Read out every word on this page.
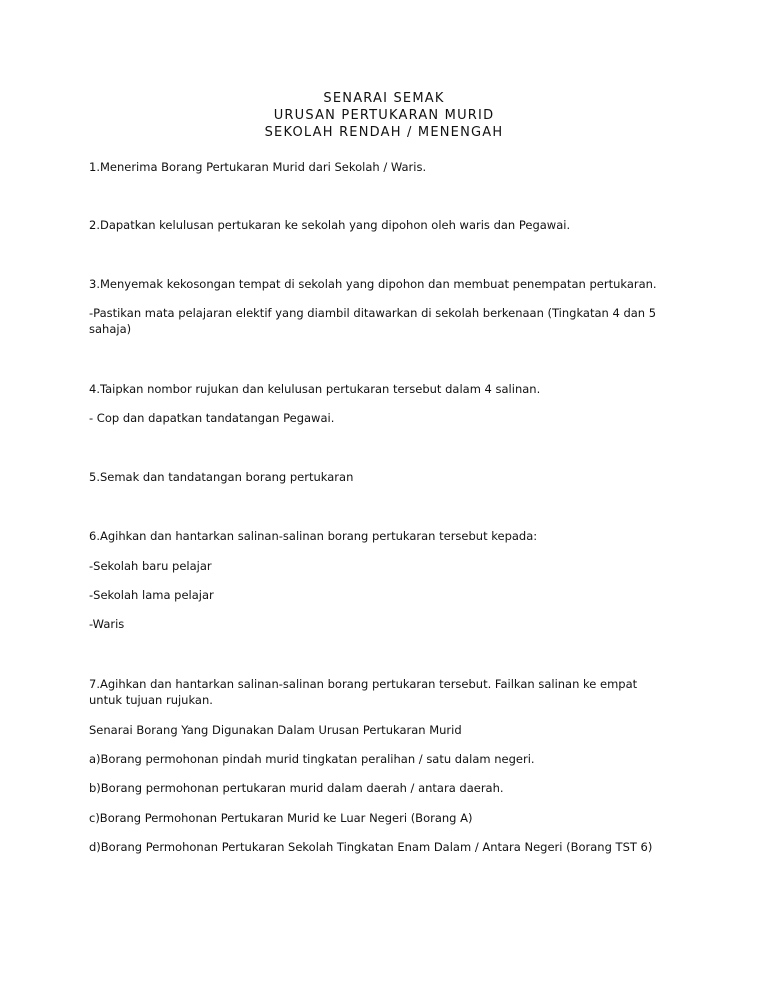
SENARAI SEMAK
URUSAN PERTUKARAN MURID
SEKOLAH RENDAH / MENENGAH
1.Menerima Borang Pertukaran Murid dari Sekolah / Waris.
2.Dapatkan kelulusan pertukaran ke sekolah yang dipohon oleh waris dan Pegawai.
3.Menyemak kekosongan tempat di sekolah yang dipohon dan membuat penempatan pertukaran.
-Pastikan mata pelajaran elektif yang diambil ditawarkan di sekolah berkenaan (Tingkatan 4 dan 5 sahaja)
4.Taipkan nombor rujukan dan kelulusan pertukaran tersebut dalam 4 salinan.
- Cop dan dapatkan tandatangan Pegawai.
5.Semak dan tandatangan borang pertukaran
6.Agihkan dan hantarkan salinan-salinan borang pertukaran tersebut kepada:
-Sekolah baru pelajar
-Sekolah lama pelajar
-Waris
7.Agihkan dan hantarkan salinan-salinan borang pertukaran tersebut. Failkan salinan ke empat untuk tujuan rujukan.
Senarai Borang Yang Digunakan Dalam Urusan Pertukaran Murid
a)Borang permohonan pindah murid tingkatan peralihan / satu dalam negeri.
b)Borang permohonan pertukaran murid dalam daerah / antara daerah.
c)Borang Permohonan Pertukaran Murid ke Luar Negeri (Borang A)
d)Borang Permohonan Pertukaran Sekolah Tingkatan Enam Dalam / Antara Negeri (Borang TST 6)
